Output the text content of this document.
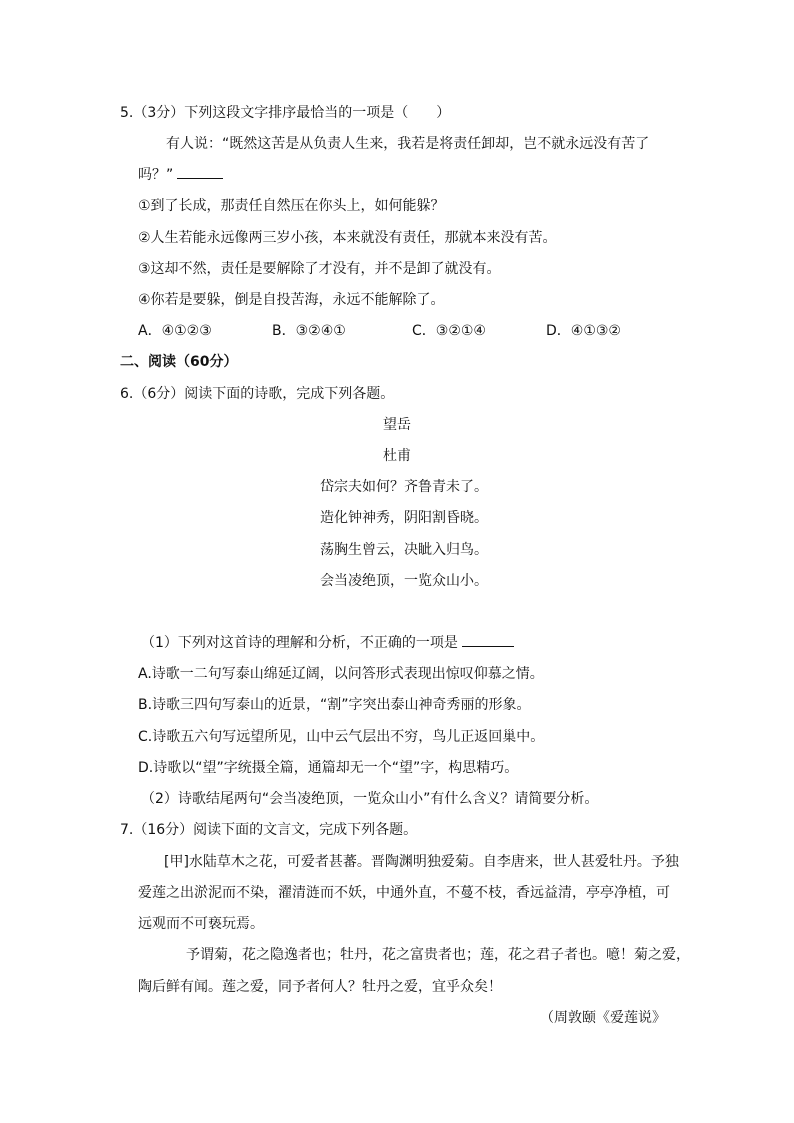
5.（3分）下列这段文字排序最恰当的一项是（　　）
有人说：“既然这苦是从负责人生来，我若是将责任卸却，岂不就永远没有苦了
吗？”
①到了长成，那责任自然压在你头上，如何能躲？
②人生若能永远像两三岁小孩，本来就没有责任，那就本来没有苦。
③这却不然，责任是要解除了才没有，并不是卸了就没有。
④你若是要躲，倒是自投苦海，永远不能解除了。
A．④①②③	B．③②④①	C．③②①④	D．④①③②
二、阅读（60分）
6.（6分）阅读下面的诗歌，完成下列各题。
望岳
杜甫
岱宗夫如何？齐鲁青未了。
造化钟神秀，阴阳割昏晓。
荡胸生曾云，决眦入归鸟。
会当凌绝顶，一览众山小。
（1）下列对这首诗的理解和分析，不正确的一项是
A.诗歌一二句写泰山绵延辽阔，以问答形式表现出惊叹仰慕之情。
B.诗歌三四句写泰山的近景，“割”字突出泰山神奇秀丽的形象。
C.诗歌五六句写远望所见，山中云气层出不穷，鸟儿正返回巢中。
D.诗歌以“望”字统摄全篇，通篇却无一个“望”字，构思精巧。
（2）诗歌结尾两句“会当凌绝顶，一览众山小”有什么含义？请简要分析。
7.（16分）阅读下面的文言文，完成下列各题。
[甲]水陆草木之花，可爱者甚蕃。晋陶渊明独爱菊。自李唐来，世人甚爱牡丹。予独
爱莲之出淤泥而不染，濯清涟而不妖，中通外直，不蔓不枝，香远益清，亭亭净植，可
远观而不可亵玩焉。
予谓菊，花之隐逸者也；牡丹，花之富贵者也；莲，花之君子者也。噫！菊之爱，
陶后鲜有闻。莲之爱，同予者何人？牡丹之爱，宜乎众矣！
（周敦颐《爱莲说》
